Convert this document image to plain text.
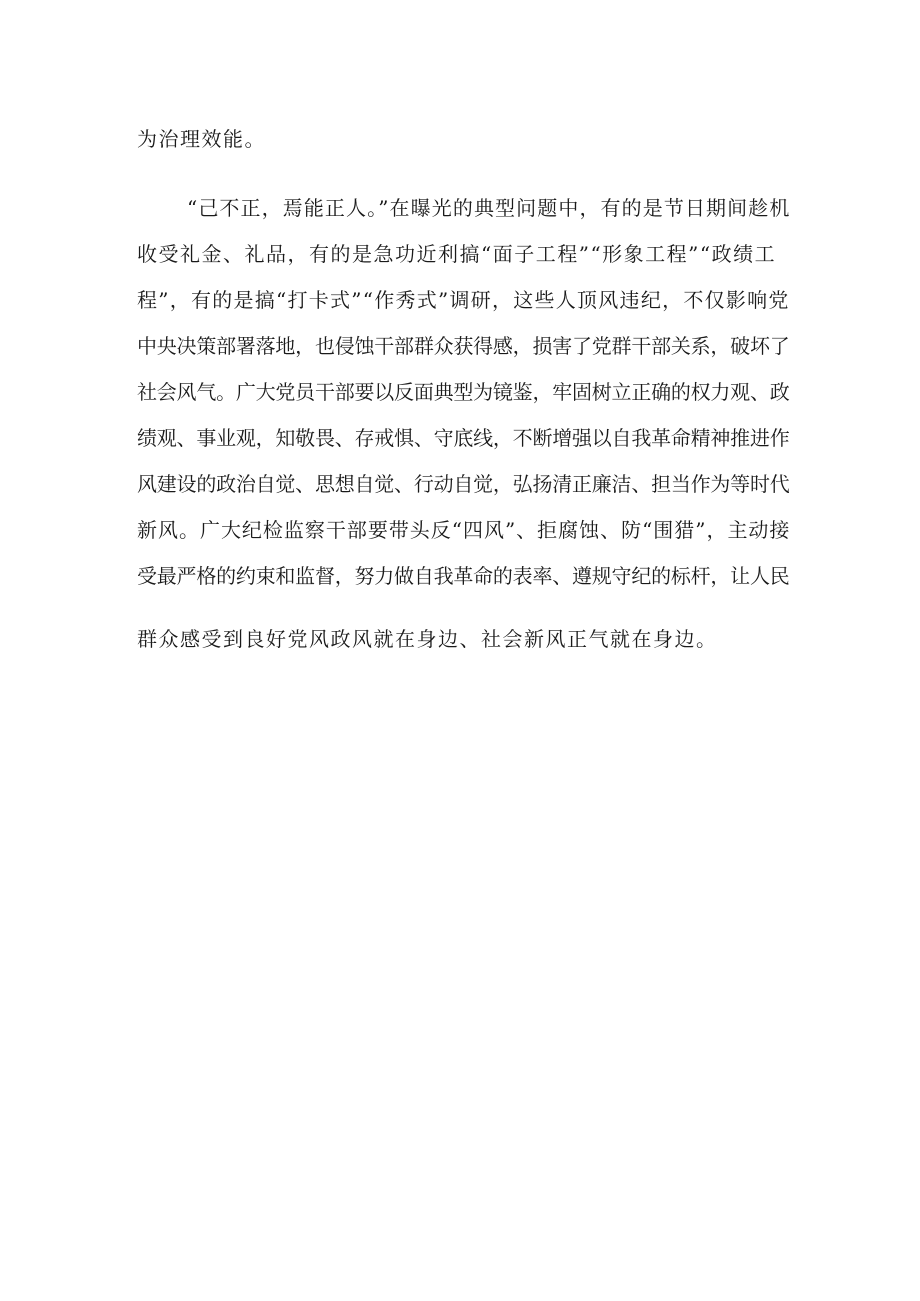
为治理效能。
“己不正，焉能正人。”在曝光的典型问题中，有的是节日期间趁机
收受礼金、礼品，有的是急功近利搞“面子工程”“形象工程”“政绩工
程”，有的是搞“打卡式”“作秀式”调研，这些人顶风违纪，不仅影响党
中央决策部署落地，也侵蚀干部群众获得感，损害了党群干部关系，破坏了
社会风气。广大党员干部要以反面典型为镜鉴，牢固树立正确的权力观、政
绩观、事业观，知敬畏、存戒惧、守底线，不断增强以自我革命精神推进作
风建设的政治自觉、思想自觉、行动自觉，弘扬清正廉洁、担当作为等时代
新风。广大纪检监察干部要带头反“四风”、拒腐蚀、防“围猎”，主动接
受最严格的约束和监督，努力做自我革命的表率、遵规守纪的标杆，让人民
群众感受到良好党风政风就在身边、社会新风正气就在身边。
